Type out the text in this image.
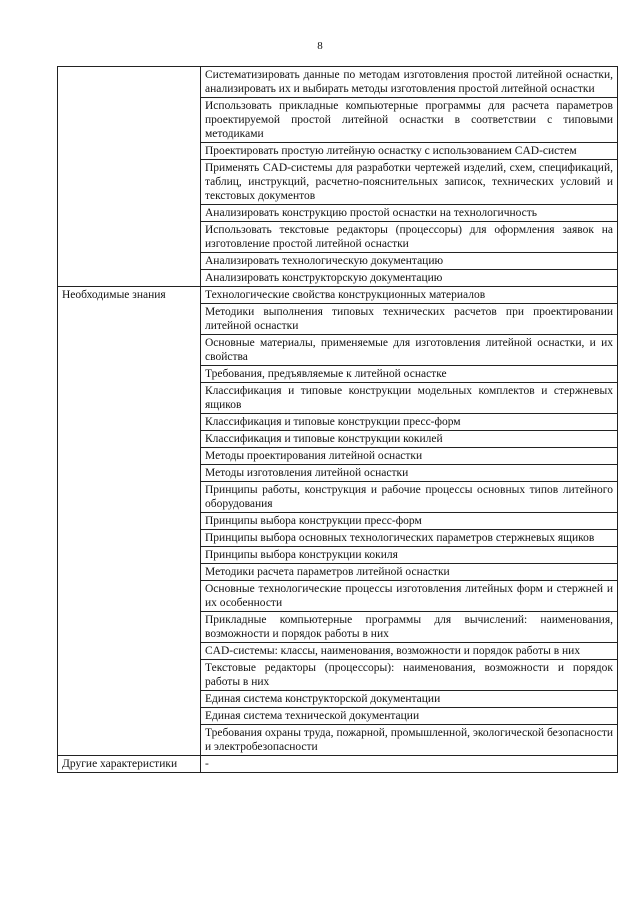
8
	Систематизировать данные по методам изготовления простой литейной оснастки, анализировать их и выбирать методы изготовления простой литейной оснастки
	Использовать прикладные компьютерные программы для расчета параметров проектируемой простой литейной оснастки в соответствии с типовыми методиками
	Проектировать простую литейную оснастку с использованием CAD-систем
	Применять CAD-системы для разработки чертежей изделий, схем, спецификаций, таблиц, инструкций, расчетно-пояснительных записок, технических условий и текстовых документов
	Анализировать конструкцию простой оснастки на технологичность
	Использовать текстовые редакторы (процессоры) для оформления заявок на изготовление простой литейной оснастки
	Анализировать технологическую документацию
	Анализировать конструкторскую документацию
Необходимые знания	Технологические свойства конструкционных материалов
	Методики выполнения типовых технических расчетов при проектировании литейной оснастки
	Основные материалы, применяемые для изготовления литейной оснастки, и их свойства
	Требования, предъявляемые к литейной оснастке
	Классификация и типовые конструкции модельных комплектов и стержневых ящиков
	Классификация и типовые конструкции пресс-форм
	Классификация и типовые конструкции кокилей
	Методы проектирования литейной оснастки
	Методы изготовления литейной оснастки
	Принципы работы, конструкция и рабочие процессы основных типов литейного оборудования
	Принципы выбора конструкции пресс-форм
	Принципы выбора основных технологических параметров стержневых ящиков
	Принципы выбора конструкции кокиля
	Методики расчета параметров литейной оснастки
	Основные технологические процессы изготовления литейных форм и стержней и их особенности
	Прикладные компьютерные программы для вычислений: наименования, возможности и порядок работы в них
	CAD-системы: классы, наименования, возможности и порядок работы в них
	Текстовые редакторы (процессоры): наименования, возможности и порядок работы в них
	Единая система конструкторской документации
	Единая система технической документации
	Требования охраны труда, пожарной, промышленной, экологической безопасности и электробезопасности
Другие характеристики	-
